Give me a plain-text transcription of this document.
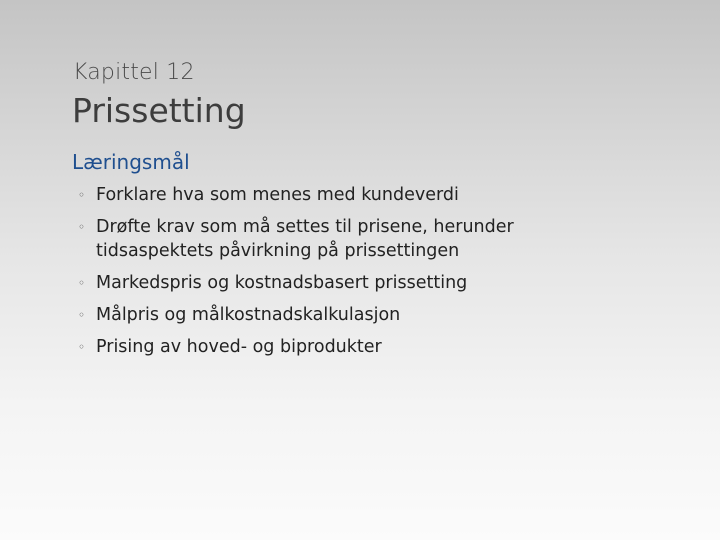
Kapittel 12
Prissetting
Læringsmål
◦ Forklare hva som menes med kundeverdi
◦ Drøfte krav som må settes til prisene, herunder tidsaspektets påvirkning på prissettingen
◦ Markedspris og kostnadsbasert prissetting
◦ Målpris og målkostnadskalkulasjon
◦ Prising av hoved- og biprodukter
